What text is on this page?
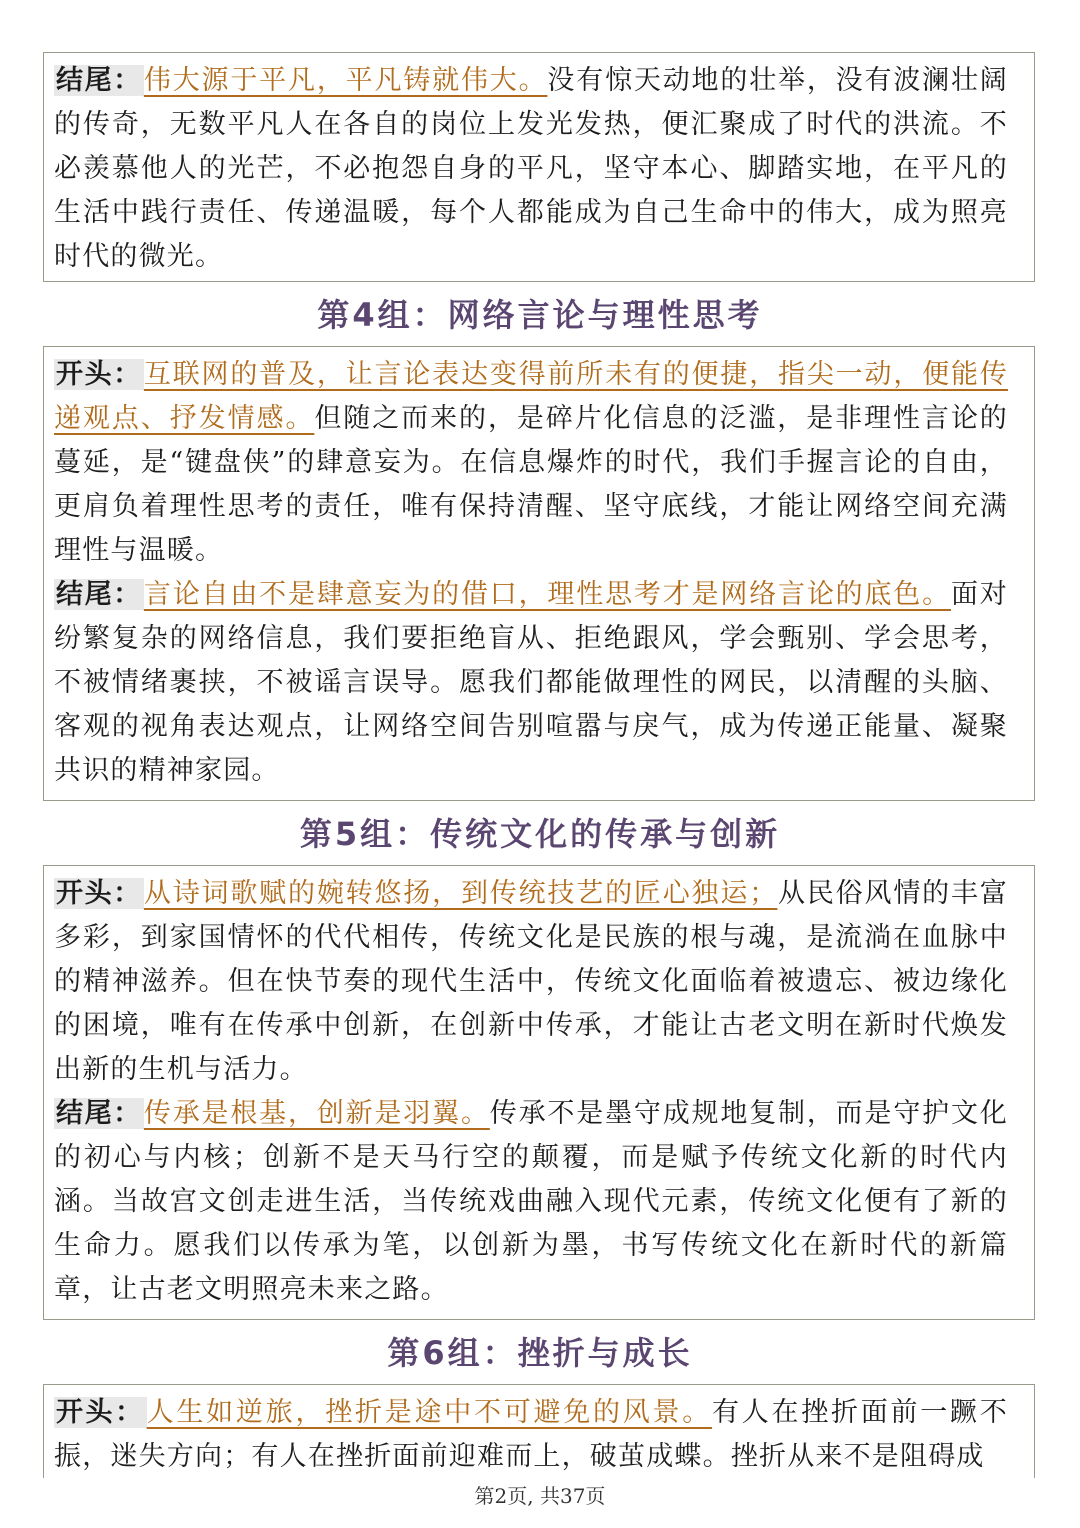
结尾：伟大源于平凡，平凡铸就伟大。没有惊天动地的壮举，没有波澜壮阔的传奇，无数平凡人在各自的岗位上发光发热，便汇聚成了时代的洪流。不必羡慕他人的光芒，不必抱怨自身的平凡，坚守本心、脚踏实地，在平凡的生活中践行责任、传递温暖，每个人都能成为自己生命中的伟大，成为照亮时代的微光。

第4组：网络言论与理性思考

开头：互联网的普及，让言论表达变得前所未有的便捷，指尖一动，便能传递观点、抒发情感。但随之而来的，是碎片化信息的泛滥，是非理性言论的蔓延，是“键盘侠”的肆意妄为。在信息爆炸的时代，我们手握言论的自由，更肩负着理性思考的责任，唯有保持清醒、坚守底线，才能让网络空间充满理性与温暖。

结尾：言论自由不是肆意妄为的借口，理性思考才是网络言论的底色。面对纷繁复杂的网络信息，我们要拒绝盲从、拒绝跟风，学会甄别、学会思考，不被情绪裹挟，不被谣言误导。愿我们都能做理性的网民，以清醒的头脑、客观的视角表达观点，让网络空间告别喧嚣与戾气，成为传递正能量、凝聚共识的精神家园。

第5组：传统文化的传承与创新

开头：从诗词歌赋的婉转悠扬，到传统技艺的匠心独运；从民俗风情的丰富多彩，到家国情怀的代代相传，传统文化是民族的根与魂，是流淌在血脉中的精神滋养。但在快节奏的现代生活中，传统文化面临着被遗忘、被边缘化的困境，唯有在传承中创新，在创新中传承，才能让古老文明在新时代焕发出新的生机与活力。

结尾：传承是根基，创新是羽翼。传承不是墨守成规地复制，而是守护文化的初心与内核；创新不是天马行空的颠覆，而是赋予传统文化新的时代内涵。当故宫文创走进生活，当传统戏曲融入现代元素，传统文化便有了新的生命力。愿我们以传承为笔，以创新为墨，书写传统文化在新时代的新篇章，让古老文明照亮未来之路。

第6组：挫折与成长

开头：人生如逆旅，挫折是途中不可避免的风景。有人在挫折面前一蹶不振，迷失方向；有人在挫折面前迎难而上，破茧成蝶。挫折从来不是阻碍成

第2页, 共37页
